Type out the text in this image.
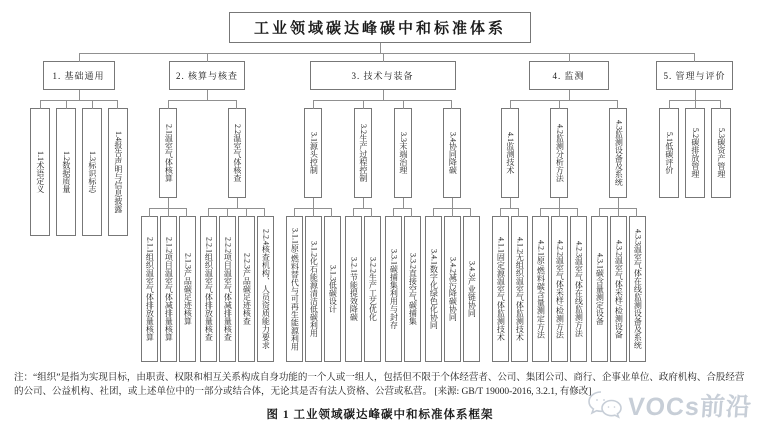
工业领域碳达峰碳中和标准体系
1. 基础通用
1.1术语定义 1.2数据质量 1.3标识标志 1.4报告声明与信息披露
2. 核算与核查
2.1温室气体核算
2.1.1组织温室气体排放量核算 2.1.2项目温室气体减排量核算 2.1.3产品碳足迹核算
2.2温室气体核查
2.2.1组织温室气体排放量核查 2.2.2项目温室气体减排量核查 2.2.3产品碳足迹核查 2.2.4核查机构、人员资质能力要求
3. 技术与装备
3.1源头控制
3.1.1原/燃料替代与可再生能源利用 3.1.2化石能源清洁低碳利用 3.1.3低碳设计
3.2生产过程控制
3.2.1节能提效降碳 3.2.2生产工艺优化
3.3末端治理
3.3.1碳捕集利用与封存 3.3.2直接空气碳捕集
3.4协同降碳
3.4.1数字化绿色化协同 3.4.2减污降碳协同 3.4.3产业链协同
4. 监测
4.1监测技术
4.1.1固定源温室气体监测技术 4.1.2无组织温室气体监测技术
4.2监测分析方法
4.2.1原/燃料碳含量测定方法 4.2.2温室气体采样/检测方法 4.2.3温室气体在线监测方法
4.3监测设备及系统
4.3.1碳含量测定设备 4.3.2温室气体采样/检测设备 4.3.3温室气体在线监测设备及系统
5. 管理与评价
5.1低碳评价 5.2碳排放管理 5.3碳资产管理
注：“组织”是指为实现目标，由职责、权限和相互关系构成自身功能的一个人或一组人，包括但不限于个体经营者、公司、集团公司、商行、企事业单位、政府机构、合股经营的公司、公益机构、社团，或上述单位中的一部分或结合体，无论其是否有法人资格、公营或私营。 [来源: GB/T 19000-2016, 3.2.1, 有修改]
图 1 工业领域碳达峰碳中和标准体系框架	VOCs前沿
